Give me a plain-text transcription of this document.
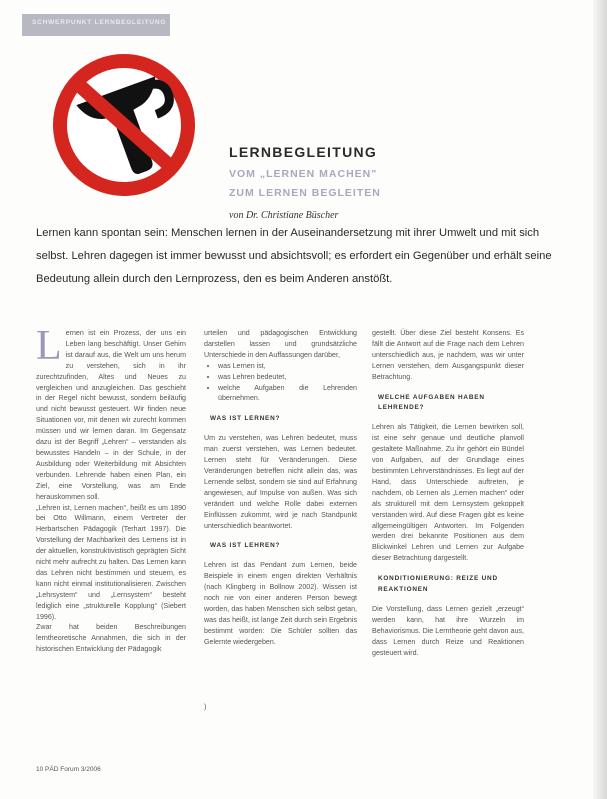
SCHWERPUNKT LERNBEGLEITUNG
LERNBEGLEITUNG
VOM „LERNEN MACHEN"
ZUM LERNEN BEGLEITEN
von Dr. Christiane Büscher
Lernen kann spontan sein: Menschen lernen in der Auseinandersetzung mit ihrer Umwelt und mit sich selbst. Lehren dagegen ist immer bewusst und absichtsvoll; es erfordert ein Gegenüber und erhält seine Bedeutung allein durch den Lernprozess, den es beim Anderen anstößt.

Lernen ist ein Prozess, der uns ein Leben lang beschäftigt. Unser Gehirn ist darauf aus, die Welt um uns herum zu verstehen, sich in ihr zurechtzufinden, Altes und Neues zu vergleichen und anzugleichen. Das geschieht in der Regel nicht bewusst, sondern beiläufig und nicht bewusst gesteuert. Wir finden neue Situationen vor, mit denen wir zurecht kommen müssen und wir lernen daran. Im Gegensatz dazu ist der Begriff „Lehren“ – verstanden als bewusstes Handeln – in der Schule, in der Ausbildung oder Weiterbildung mit Absichten verbunden. Lehrende haben einen Plan, ein Ziel, eine Vorstellung, was am Ende herauskommen soll.

„Lehren ist, Lernen machen“, heißt es um 1890 bei Otto Willmann, einem Vertreter der Herbartschen Pädagogik (Terhart 1997). Die Vorstellung der Machbarkeit des Lernens ist in der aktuellen, konstruktivistisch geprägten Sicht nicht mehr aufrecht zu halten. Das Lernen kann das Lehren nicht bestimmen und steuern, es kann nicht einmal institutionalisieren. Zwischen „Lehrsystem“ und „Lernsystem“ besteht lediglich eine „strukturelle Kopplung“ (Siebert 1996).

Zwar hat beiden Beschreibungen lerntheoretische Annahmen, die sich in der historischen Entwicklung der Pädagogik

urteilen und pädagogischen Entwicklung darstellen lassen und grundsätzliche Unterschiede in den Auffassungen darüber,

• was Lernen ist,
• was Lehren bedeutet,
• welche Aufgaben die Lehrenden übernehmen.

WAS IST LERNEN?

Um zu verstehen, was Lehren bedeutet, muss man zuerst verstehen, was Lernen bedeutet. Lernen steht für Veränderungen. Diese Veränderungen betreffen nicht allein das, was Lernende selbst, sondern sie sind auf Erfahrung angewiesen, auf Impulse von außen. Was sich verändert und welche Rolle dabei externen Einflüssen zukommt, wird je nach Standpunkt unterschiedlich beantwortet.

WAS IST LEHREN?

Lehren ist das Pendant zum Lernen, beide Beispiele in einem engen direkten Verhältnis (nach Klingberg in Bollnow 2002). Wissen ist noch nie von einer anderen Person bewegt worden, das haben Menschen sich selbst getan, was das heißt, ist lange Zeit durch sein Ergebnis bestimmt worden: Die Schüler sollten das Gelernte wiedergeben.

gestellt. Über diese Ziel besteht Konsens. Es fällt die Antwort auf die Frage nach dem Lehren unterschiedlich aus, je nachdem, was wir unter Lernen verstehen, dem Ausgangspunkt dieser Betrachtung.

WELCHE AUFGABEN HABEN LEHRENDE?

Lehren als Tätigkeit, die Lernen bewirken soll, ist eine sehr genaue und deutliche planvoll gestaltete Maßnahme. Zu ihr gehört ein Bündel von Aufgaben, auf der Grundlage eines bestimmten Lehrverständnisses. Es liegt auf der Hand, dass Unterschiede auftreten, je nachdem, ob Lernen als „Lernen machen“ oder als strukturell mit dem Lernsystem gekoppelt verstanden wird. Auf diese Fragen gibt es keine allgemeingültigen Antworten. Im Folgenden werden drei bekannte Positionen aus dem Blickwinkel Lehren und Lernen zur Aufgabe dieser Betrachtung dargestellt.

KONDITIONIERUNG: REIZE UND REAKTIONEN

Die Vorstellung, dass Lernen gezielt „erzeugt“ werden kann, hat ihre Wurzeln im Behaviorismus. Die Lerntheorie geht davon aus, dass Lernen durch Reize und Reaktionen gesteuert wird.

)
10 PÄD Forum 3/2006
